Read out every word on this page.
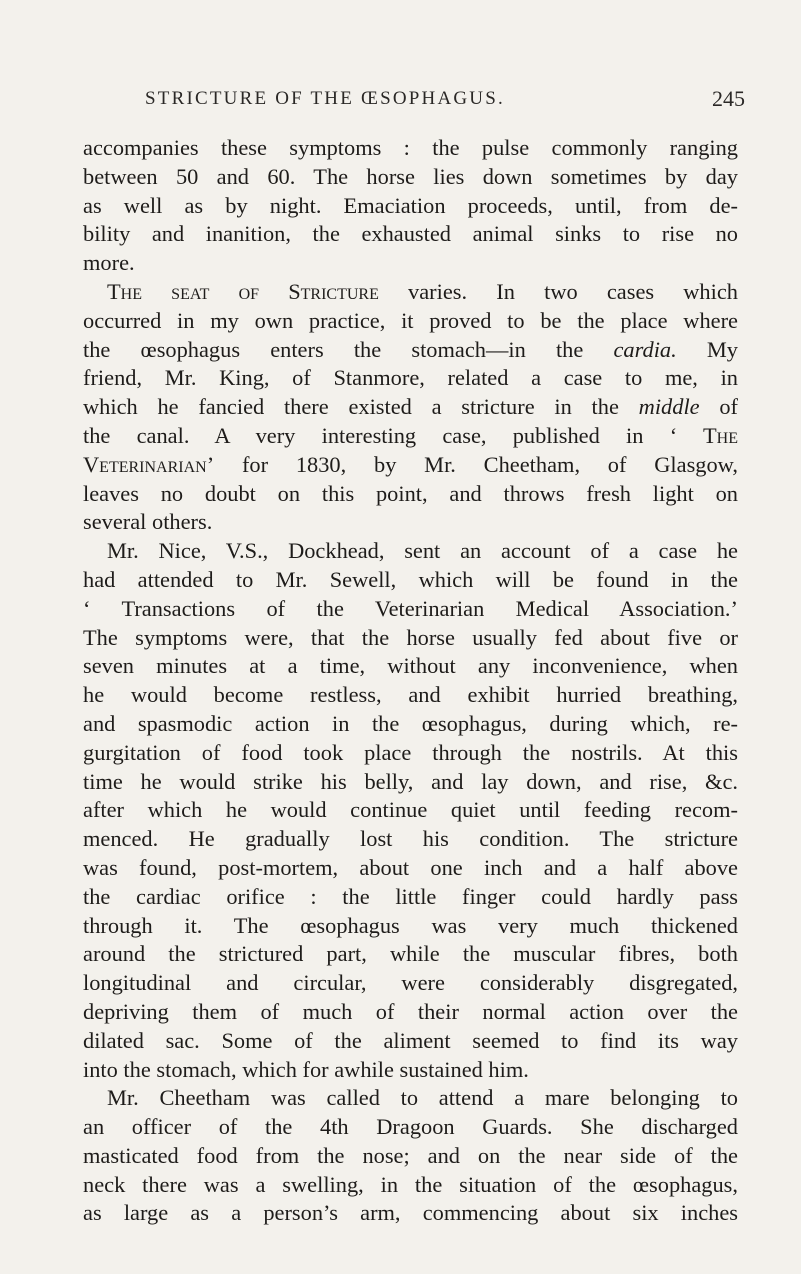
STRICTURE OF THE ŒSOPHAGUS.	245
accompanies these symptoms : the pulse commonly ranging
between 50 and 60. The horse lies down sometimes by day
as well as by night. Emaciation proceeds, until, from de-
bility and inanition, the exhausted animal sinks to rise no
more.
The seat of Stricture varies. In two cases which
occurred in my own practice, it proved to be the place where
the œsophagus enters the stomach—in the cardia. My
friend, Mr. King, of Stanmore, related a case to me, in
which he fancied there existed a stricture in the middle of
the canal. A very interesting case, published in ‘ The
Veterinarian’ for 1830, by Mr. Cheetham, of Glasgow,
leaves no doubt on this point, and throws fresh light on
several others.
Mr. Nice, V.S., Dockhead, sent an account of a case he
had attended to Mr. Sewell, which will be found in the
‘ Transactions of the Veterinarian Medical Association.’
The symptoms were, that the horse usually fed about five or
seven minutes at a time, without any inconvenience, when
he would become restless, and exhibit hurried breathing,
and spasmodic action in the œsophagus, during which, re-
gurgitation of food took place through the nostrils. At this
time he would strike his belly, and lay down, and rise, &c.
after which he would continue quiet until feeding recom-
menced. He gradually lost his condition. The stricture
was found, post-mortem, about one inch and a half above
the cardiac orifice : the little finger could hardly pass
through it. The œsophagus was very much thickened
around the strictured part, while the muscular fibres, both
longitudinal and circular, were considerably disgregated,
depriving them of much of their normal action over the
dilated sac. Some of the aliment seemed to find its way
into the stomach, which for awhile sustained him.
Mr. Cheetham was called to attend a mare belonging to
an officer of the 4th Dragoon Guards. She discharged
masticated food from the nose; and on the near side of the
neck there was a swelling, in the situation of the œsophagus,
as large as a person’s arm, commencing about six inches
